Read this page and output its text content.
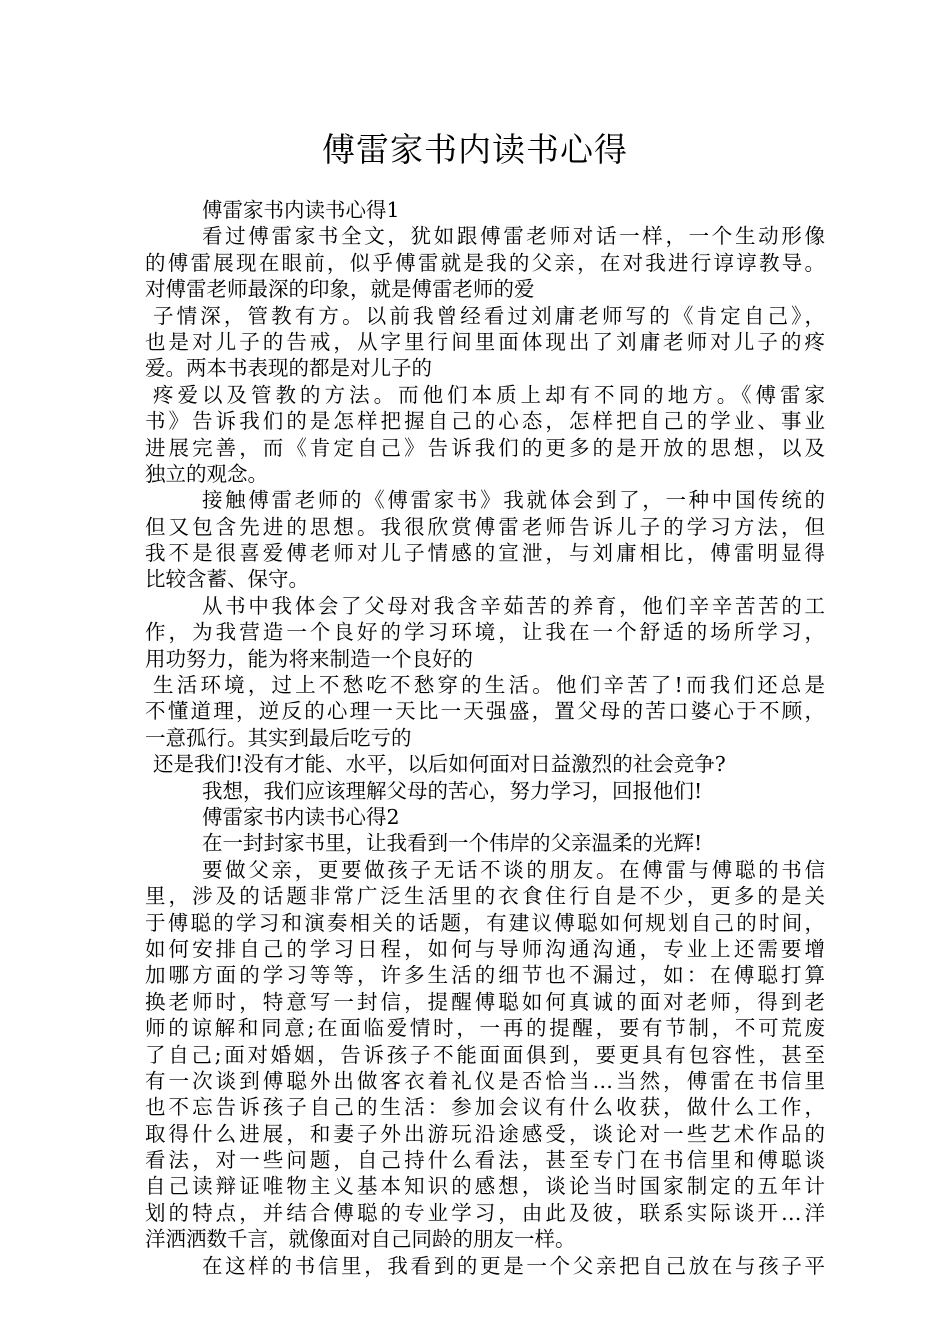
傅雷家书内读书心得
傅雷家书内读书心得1
看过傅雷家书全文，犹如跟傅雷老师对话一样，一个生动形像
的傅雷展现在眼前，似乎傅雷就是我的父亲，在对我进行谆谆教导。
对傅雷老师最深的印象，就是傅雷老师的爱
子情深，管教有方。以前我曾经看过刘庸老师写的《肯定自己》，
也是对儿子的告戒，从字里行间里面体现出了刘庸老师对儿子的疼
爱。两本书表现的都是对儿子的
疼爱以及管教的方法。而他们本质上却有不同的地方。《傅雷家
书》告诉我们的是怎样把握自己的心态，怎样把自己的学业、事业
进展完善，而《肯定自己》告诉我们的更多的是开放的思想，以及
独立的观念。
接触傅雷老师的《傅雷家书》我就体会到了，一种中国传统的
但又包含先进的思想。我很欣赏傅雷老师告诉儿子的学习方法，但
我不是很喜爱傅老师对儿子情感的宣泄，与刘庸相比，傅雷明显得
比较含蓄、保守。
从书中我体会了父母对我含辛茹苦的养育，他们辛辛苦苦的工
作，为我营造一个良好的学习环境，让我在一个舒适的场所学习，
用功努力，能为将来制造一个良好的
生活环境，过上不愁吃不愁穿的生活。他们辛苦了!而我们还总是
不懂道理，逆反的心理一天比一天强盛，置父母的苦口婆心于不顾，
一意孤行。其实到最后吃亏的
还是我们!没有才能、水平，以后如何面对日益激烈的社会竞争?
我想，我们应该理解父母的苦心，努力学习，回报他们!
傅雷家书内读书心得2
在一封封家书里，让我看到一个伟岸的父亲温柔的光辉!
要做父亲，更要做孩子无话不谈的朋友。在傅雷与傅聪的书信
里，涉及的话题非常广泛生活里的衣食住行自是不少，更多的是关
于傅聪的学习和演奏相关的话题，有建议傅聪如何规划自己的时间，
如何安排自己的学习日程，如何与导师沟通沟通，专业上还需要增
加哪方面的学习等等，许多生活的细节也不漏过，如：在傅聪打算
换老师时，特意写一封信，提醒傅聪如何真诚的面对老师，得到老
师的谅解和同意;在面临爱情时，一再的提醒，要有节制，不可荒废
了自己;面对婚姻，告诉孩子不能面面俱到，要更具有包容性，甚至
有一次谈到傅聪外出做客衣着礼仪是否恰当…当然，傅雷在书信里
也不忘告诉孩子自己的生活：参加会议有什么收获，做什么工作，
取得什么进展，和妻子外出游玩沿途感受，谈论对一些艺术作品的
看法，对一些问题，自己持什么看法，甚至专门在书信里和傅聪谈
自己读辩证唯物主义基本知识的感想，谈论当时国家制定的五年计
划的特点，并结合傅聪的专业学习，由此及彼，联系实际谈开…洋
洋洒洒数千言，就像面对自己同龄的朋友一样。
在这样的书信里，我看到的更是一个父亲把自己放在与孩子平
